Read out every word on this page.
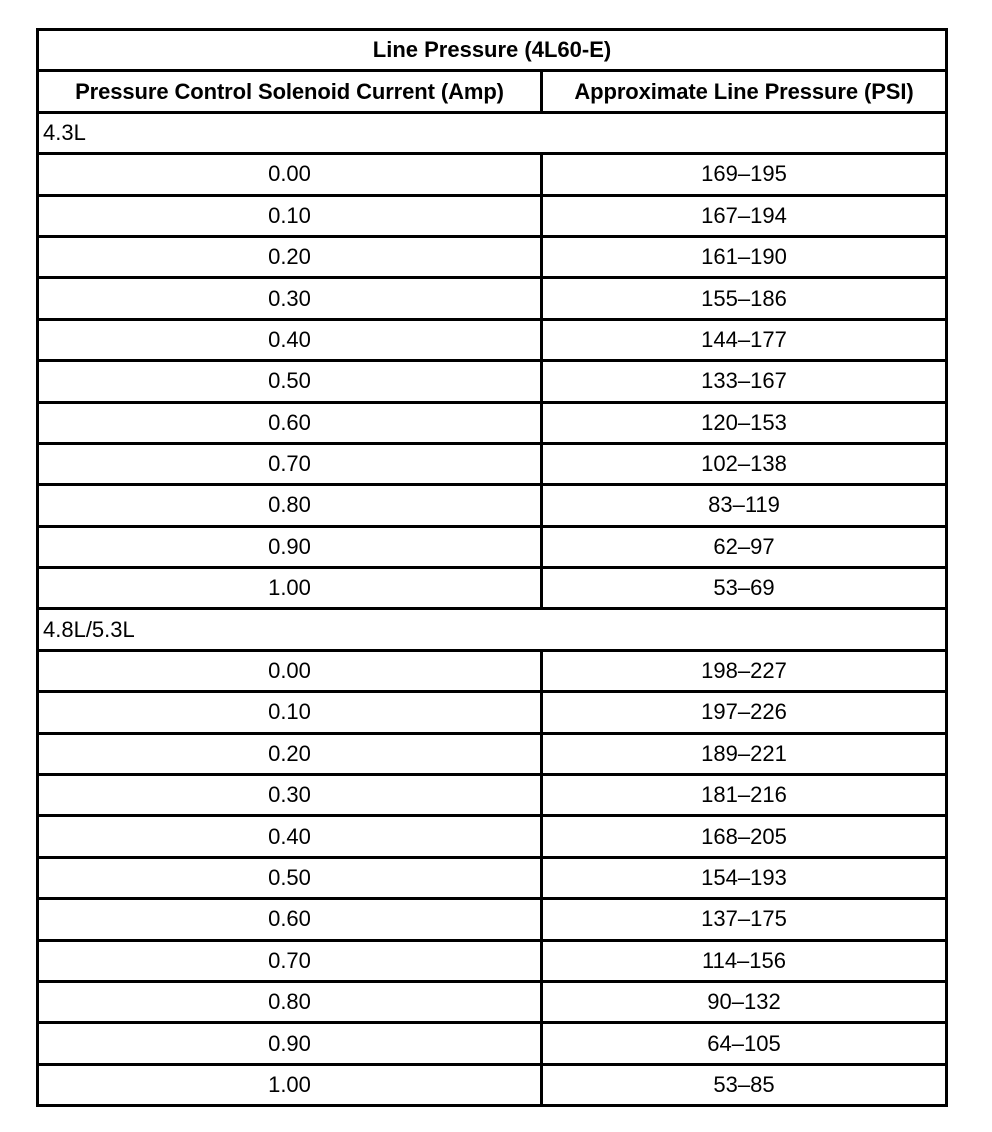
Line Pressure (4L60-E)	
Pressure Control Solenoid Current (Amp)	Approximate Line Pressure (PSI)
4.3L	
0.00	169–195
0.10	167–194
0.20	161–190
0.30	155–186
0.40	144–177
0.50	133–167
0.60	120–153
0.70	102–138
0.80	83–119
0.90	62–97
1.00	53–69
4.8L/5.3L	
0.00	198–227
0.10	197–226
0.20	189–221
0.30	181–216
0.40	168–205
0.50	154–193
0.60	137–175
0.70	114–156
0.80	90–132
0.90	64–105
1.00	53–85
